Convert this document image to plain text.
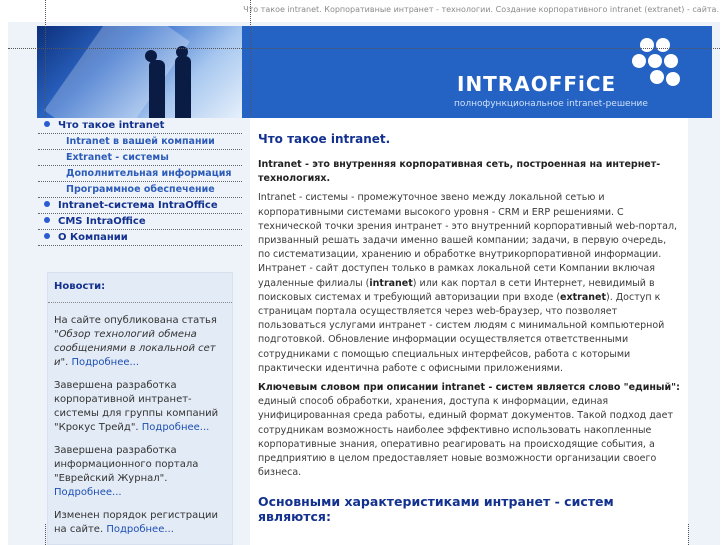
Что такое intranet. Корпоративные интранет - технологии. Создание корпоративного intranet (extranet) - сайта.
INTRAOFFiCE
полнофункциональное intranet-решение
Что такое intranet
Intranet в вашей компании
Extranet - системы
Дополнительная информация
Программное обеспечение
Intranet-система IntraOffice
CMS IntraOffice
О Компании
Новости:
На сайте опубликована статья "Обзор технологий обмена сообщениями в локальной сет и". Подробнее...
Завершена разработка корпоративной интранет-системы для группы компаний "Крокус Трейд". Подробнее...
Завершена разработка информационного портала "Еврейский Журнал". Подробнее...
Изменен порядок регистрации на сайте. Подробнее...
Что такое intranet.
Intranet - это внутренняя корпоративная сеть, построенная на интернет-технологиях.
Intranet - системы - промежуточное звено между локальной сетью и корпоративными системами высокого уровня - CRM и ERP решениями. С технической точки зрения интранет - это внутренний корпоративный web-портал, призванный решать задачи именно вашей компании; задачи, в первую очередь, по систематизации, хранению и обработке внутрикорпоративной информации. Интранет - сайт доступен только в рамках локальной сети Компании включая удаленные филиалы (intranet) или как портал в сети Интернет, невидимый в поисковых системах и требующий авторизации при входе (extranet). Доступ к страницам портала осуществляется через web-браузер, что позволяет пользоваться услугами интранет - систем людям с минимальной компьютерной подготовкой. Обновление информации осуществляется ответственными сотрудниками с помощью специальных интерфейсов, работа с которыми практически идентична работе с офисными приложениями.
Ключевым словом при описании intranet - систем является слово "единый": единый способ обработки, хранения, доступа к информации, единая унифицированная среда работы, единый формат документов. Такой подход дает сотрудникам возможность наиболее эффективно использовать накопленные корпоративные знания, оперативно реагировать на происходящие события, а предприятию в целом предоставляет новые возможности организации своего бизнеса.
Основными характеристиками интранет - систем являются:
